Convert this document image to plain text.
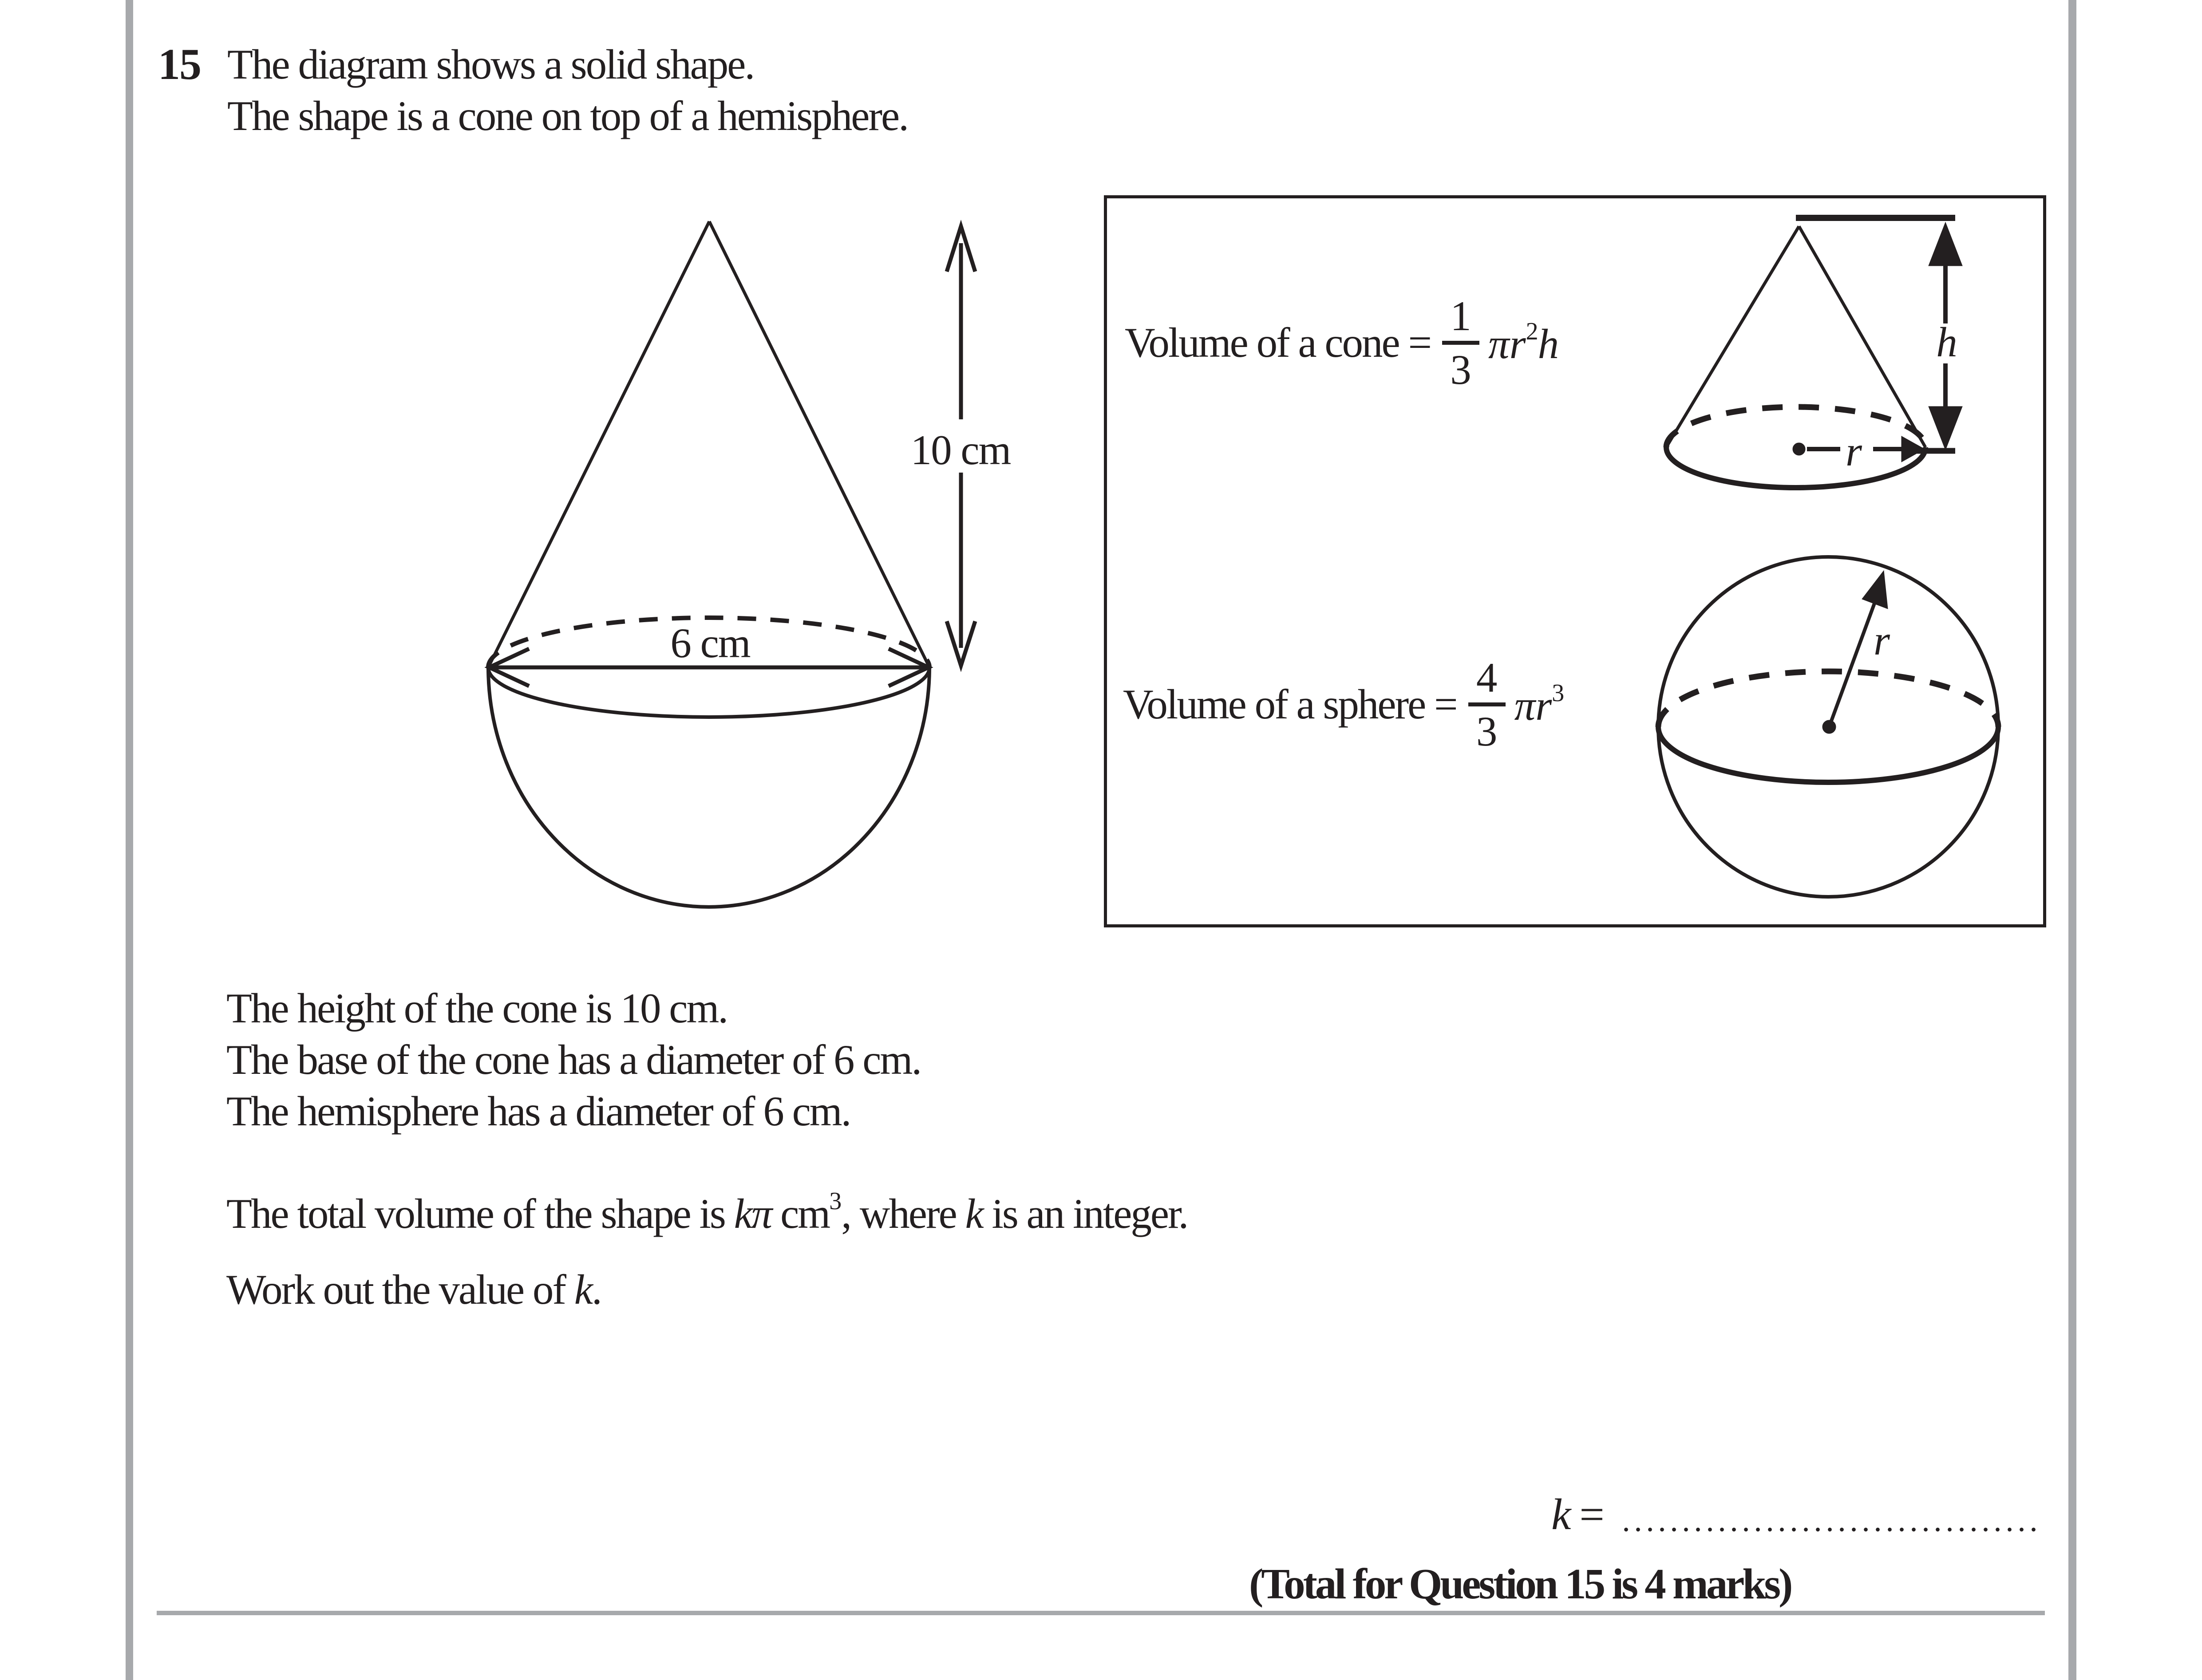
15 The diagram shows a solid shape.
The shape is a cone on top of a hemisphere.
6 cm
10 cm
Volume of a cone =
1
3
$\pi r^2h$
Volume of a sphere =
4
3
$\pi r^3$
h
r
r
The height of the cone is 10 cm.
The base of the cone has a diameter of 6 cm.
The hemisphere has a diameter of 6 cm.
The total volume of the shape is kπ $cm^3$, where k is an integer.
Work out the value of k.
k =
(Total for Question 15 is 4 marks)
